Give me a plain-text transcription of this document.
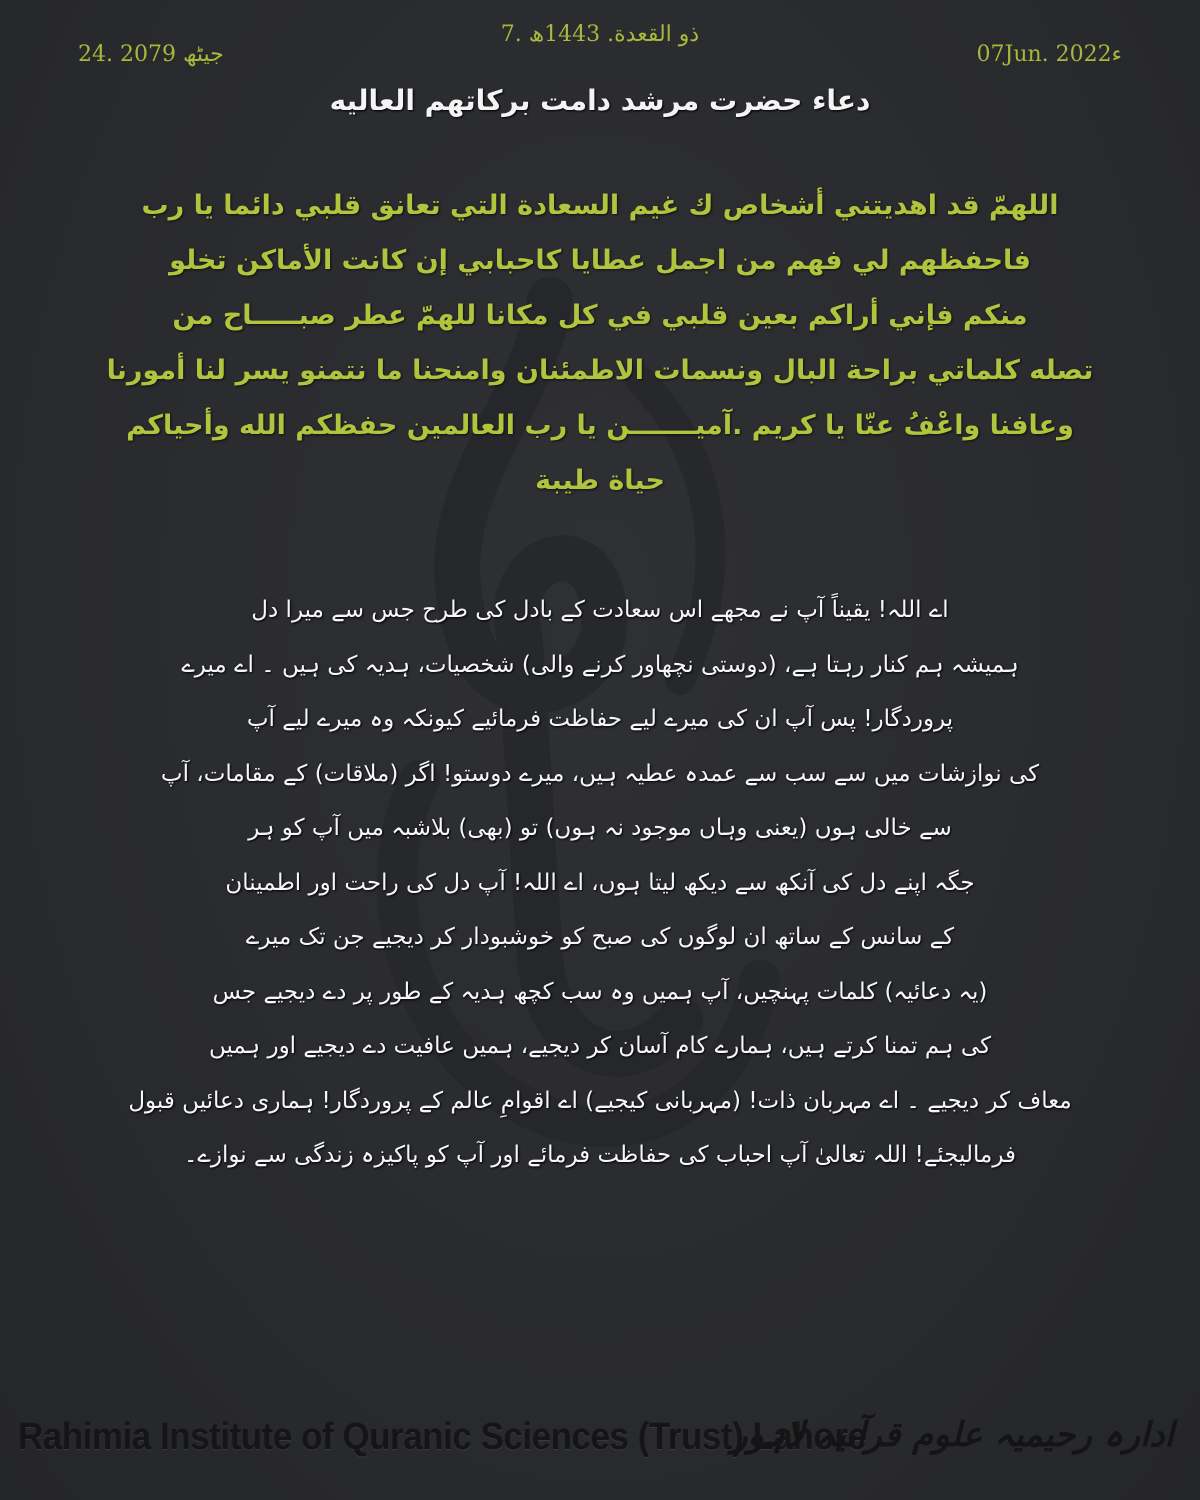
7. ذو القعدة. 1443ھ
24. جیٹھ 2079	07Jun. 2022ء
دعاء حضرت مرشد دامت برکاتهم العالیه
اللهمّ قد اهديتني أشخاص ك غيم السعادة التي تعانق قلبي دائما يا رب
فاحفظهم لي فهم من اجمل عطايا كاحبابي إن كانت الأماكن تخلو
منكم فإني أراكم بعين قلبي في كل مكانا للهمّ عطر صبـــــاح من
تصله كلماتي براحة البال ونسمات الاطمئنان وامنحنا ما نتمنو يسر لنا أمورنا
وعافنا واعْفُ عنّا يا كريم .آميـــــــن يا رب العالمين حفظكم الله وأحياكم
حياة طيبة
اے اللہ! یقیناً آپ نے مجھے اس سعادت کے بادل کی طرح جس سے میرا دل
ہمیشہ ہم کنار رہتا ہے، (دوستی نچھاور کرنے والی) شخصیات، ہدیہ کی ہیں ۔ اے میرے
پروردگار! پس آپ ان کی میرے لیے حفاظت فرمائیے کیونکہ وہ میرے لیے آپ
کی نوازشات میں سے سب سے عمدہ عطیہ ہیں، میرے دوستو! اگر (ملاقات) کے مقامات، آپ
سے خالی ہوں (یعنی وہاں موجود نہ ہوں) تو (بھی) بلاشبہ میں آپ کو ہر
جگہ اپنے دل کی آنکھ سے دیکھ لیتا ہوں، اے اللہ! آپ دل کی راحت اور اطمینان
کے سانس کے ساتھ ان لوگوں کی صبح کو خوشبودار کر دیجیے جن تک میرے
(یہ دعائیہ) کلمات پہنچیں، آپ ہمیں وہ سب کچھ ہدیہ کے طور پر دے دیجیے جس
کی ہم تمنا کرتے ہیں، ہمارے کام آسان کر دیجیے، ہمیں عافیت دے دیجیے اور ہمیں
معاف کر دیجیے ۔ اے مہربان ذات! (مہربانی کیجیے) اے اقوامِ عالم کے پروردگار! ہماری دعائیں قبول
فرمالیجئے! اللہ تعالیٰ آپ احباب کی حفاظت فرمائے اور آپ کو پاکیزہ زندگی سے نوازے۔
Rahimia Institute of Quranic Sciences (Trust) Lahore
ادارہ رحیمیہ علوم قرآنیہ لاہور
